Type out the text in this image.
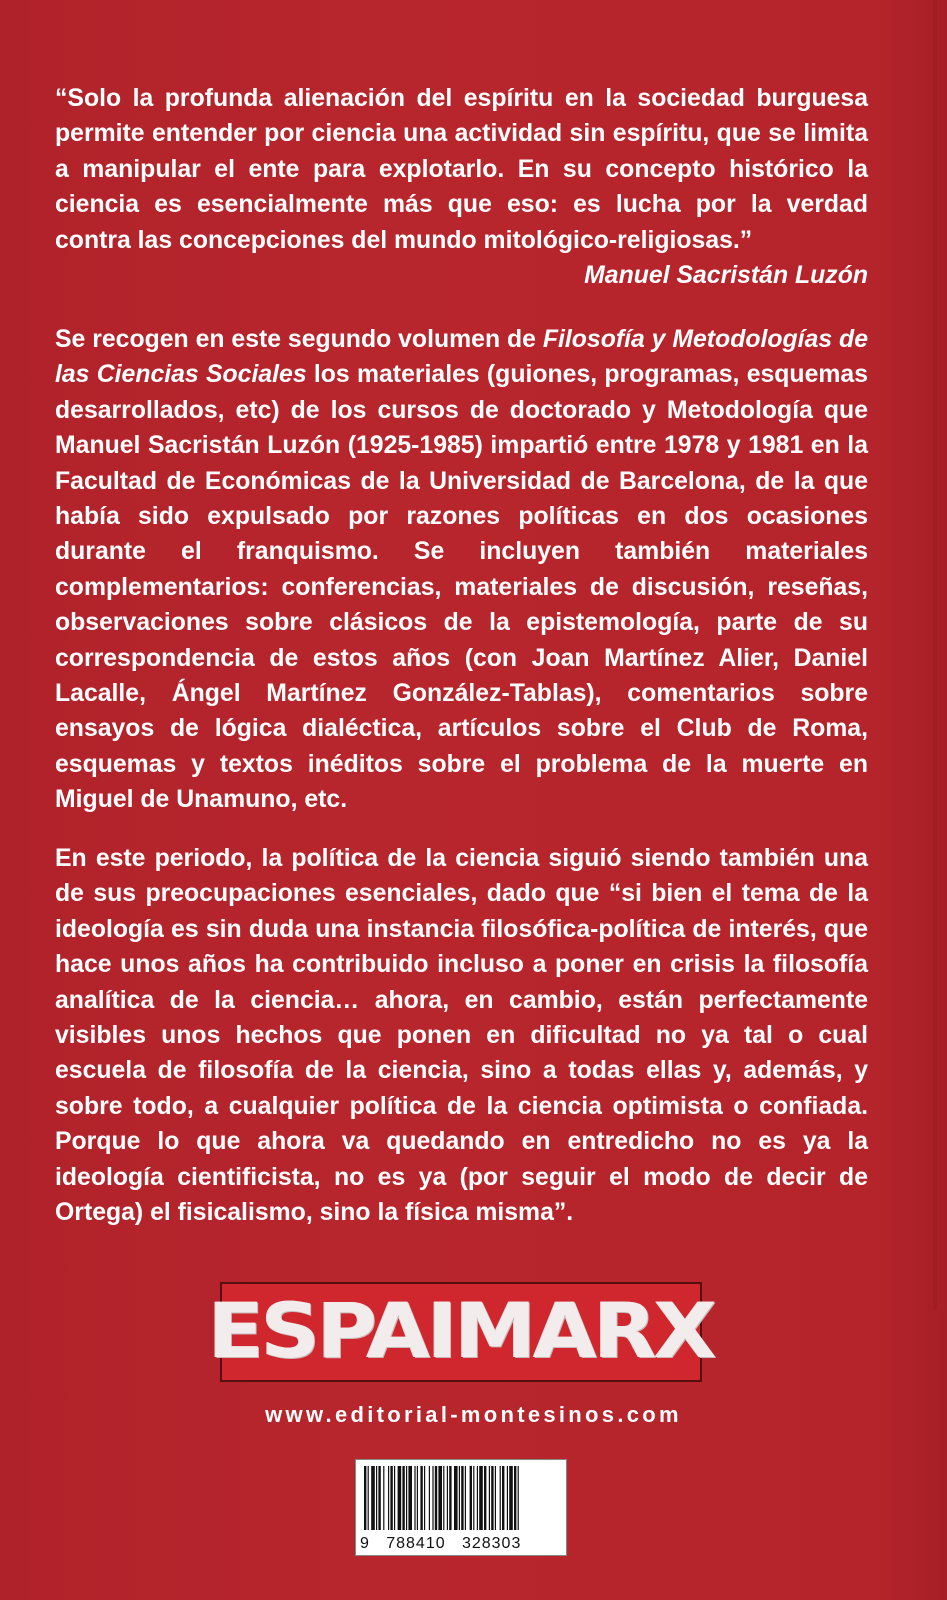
“Solo la profunda alienación del espíritu en la sociedad burguesa permite entender por ciencia una actividad sin espíritu, que se limita a manipular el ente para explotarlo. En su concepto histórico la ciencia es esencialmente más que eso: es lucha por la verdad contra las concepciones del mundo mitológico-religiosas.”
Manuel Sacristán Luzón
Se recogen en este segundo volumen de Filosofía y Metodologías de las Ciencias Sociales los materiales (guiones, programas, esquemas desarrollados, etc) de los cursos de doctorado y Metodología que Manuel Sacristán Luzón (1925-1985) impartió entre 1978 y 1981 en la Facultad de Económicas de la Universidad de Barcelona, de la que había sido expulsado por razones políticas en dos ocasiones durante el franquismo. Se incluyen también materiales complementarios: conferencias, materiales de discusión, reseñas, observaciones sobre clásicos de la epistemología, parte de su correspondencia de estos años (con Joan Martínez Alier, Daniel Lacalle, Ángel Martínez González-Tablas), comentarios sobre ensayos de lógica dialéctica, artículos sobre el Club de Roma, esquemas y textos inéditos sobre el problema de la muerte en Miguel de Unamuno, etc.
En este periodo, la política de la ciencia siguió siendo también una de sus preocupaciones esenciales, dado que “si bien el tema de la ideología es sin duda una instancia filosófica-política de interés, que hace unos años ha contribuido incluso a poner en crisis la filosofía analítica de la ciencia… ahora, en cambio, están perfectamente visibles unos hechos que ponen en dificultad no ya tal o cual escuela de filosofía de la ciencia, sino a todas ellas y, además, y sobre todo, a cualquier política de la ciencia optimista o confiada. Porque lo que ahora va quedando en entredicho no es ya la ideología cientificista, no es ya (por seguir el modo de decir de Ortega) el fisicalismo, sino la física misma”.
ESPAIMARX
www.editorial-montesinos.com
9   788410   328303
